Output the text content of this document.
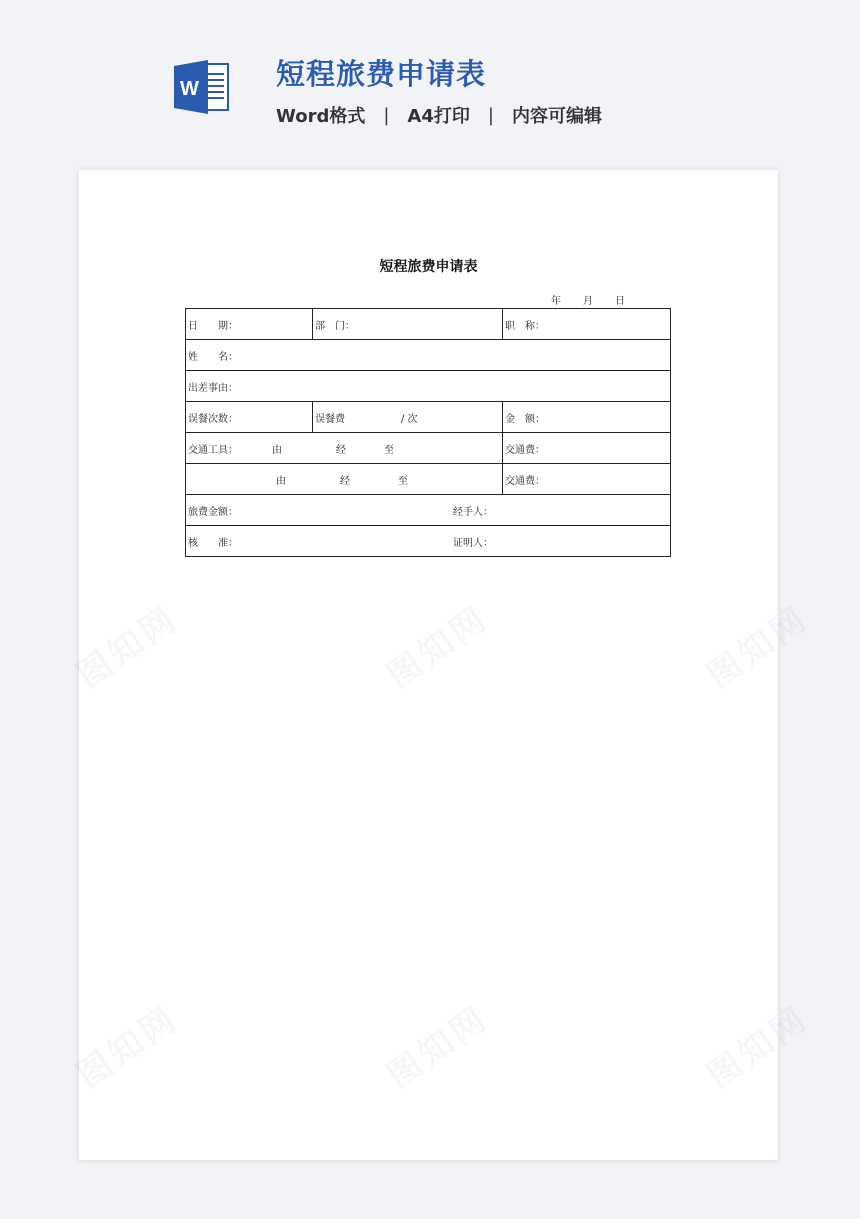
W	短程旅费申请表
Word格式 | A4打印 | 内容可编辑
图知网	图知网	图知网
图知网	图知网	图知网
短程旅费申请表
年 月 日
日　　期：	部　门：	职　称：
姓　　名：		
出差事由：		
误餐次数：	误餐费 / 次	金　额：
交通工具： 由 经 至		交通费：
由 经 至		交通费：
旅费金额： 经手人：		
核　　准： 证明人：		
